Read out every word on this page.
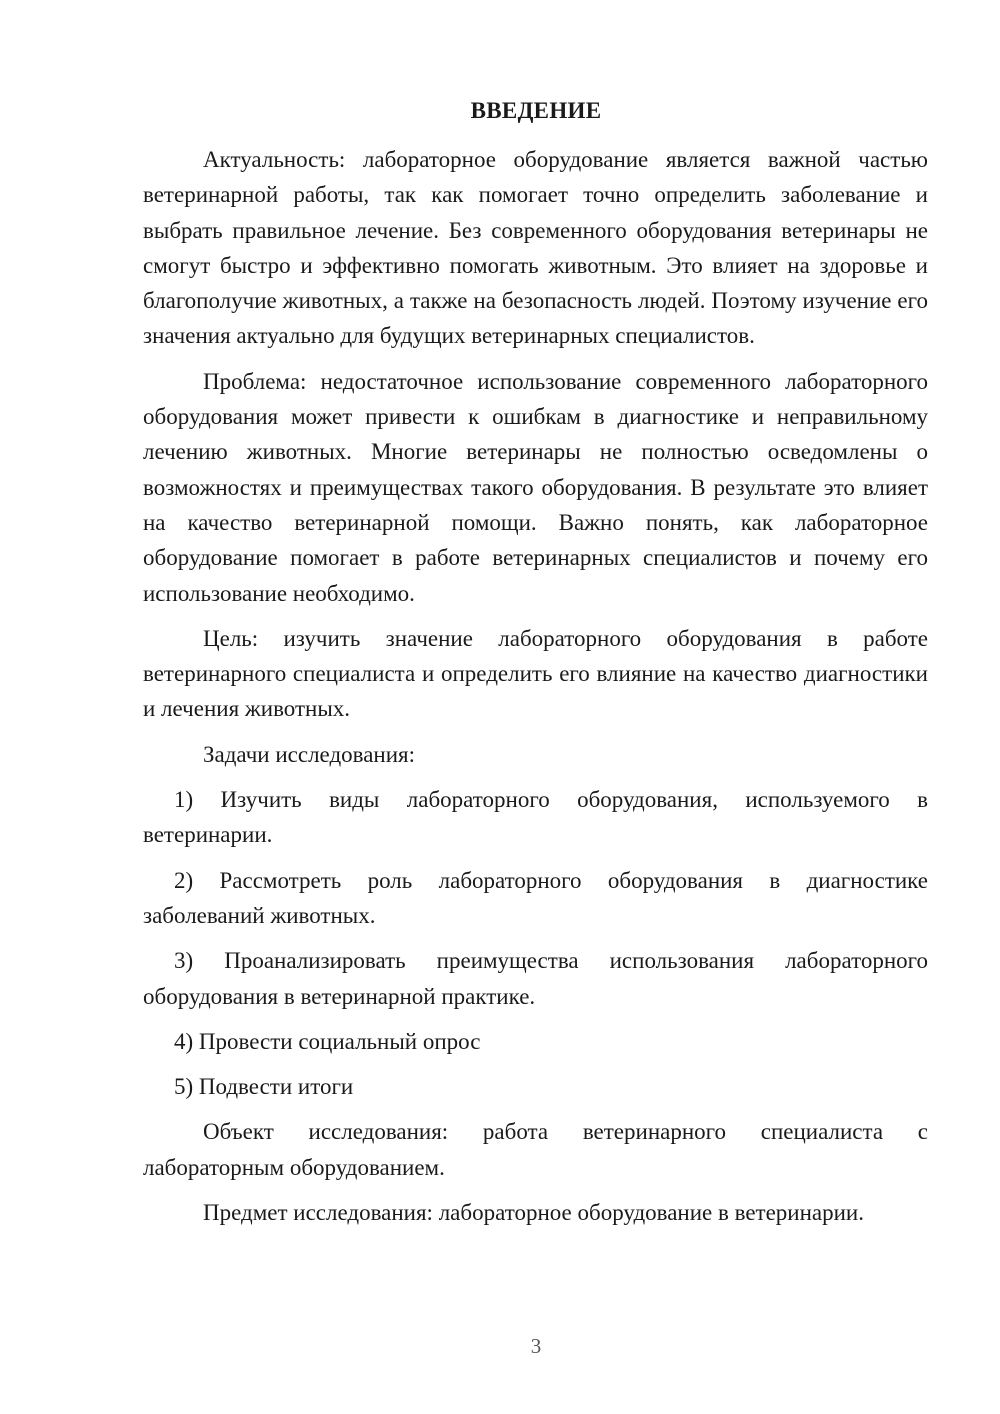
ВВЕДЕНИЕ

Актуальность: лабораторное оборудование является важной частью ветеринарной работы, так как помогает точно определить заболевание и выбрать правильное лечение. Без современного оборудования ветеринары не смогут быстро и эффективно помогать животным. Это влияет на здоровье и благополучие животных, а также на безопасность людей. Поэтому изучение его значения актуально для будущих ветеринарных специалистов.

Проблема: недостаточное использование современного лабораторного оборудования может привести к ошибкам в диагностике и неправильному лечению животных. Многие ветеринары не полностью осведомлены о возможностях и преимуществах такого оборудования. В результате это влияет на качество ветеринарной помощи. Важно понять, как лабораторное оборудование помогает в работе ветеринарных специалистов и почему его использование необходимо.

Цель: изучить значение лабораторного оборудования в работе ветеринарного специалиста и определить его влияние на качество диагностики и лечения животных.

Задачи исследования:

1) Изучить виды лабораторного оборудования, используемого в ветеринарии.

2) Рассмотреть роль лабораторного оборудования в диагностике заболеваний животных.

3) Проанализировать преимущества использования лабораторного оборудования в ветеринарной практике.

4) Провести социальный опрос

5) Подвести итоги

Объект исследования: работа ветеринарного специалиста с лабораторным оборудованием.

Предмет исследования: лабораторное оборудование в ветеринарии.

3
